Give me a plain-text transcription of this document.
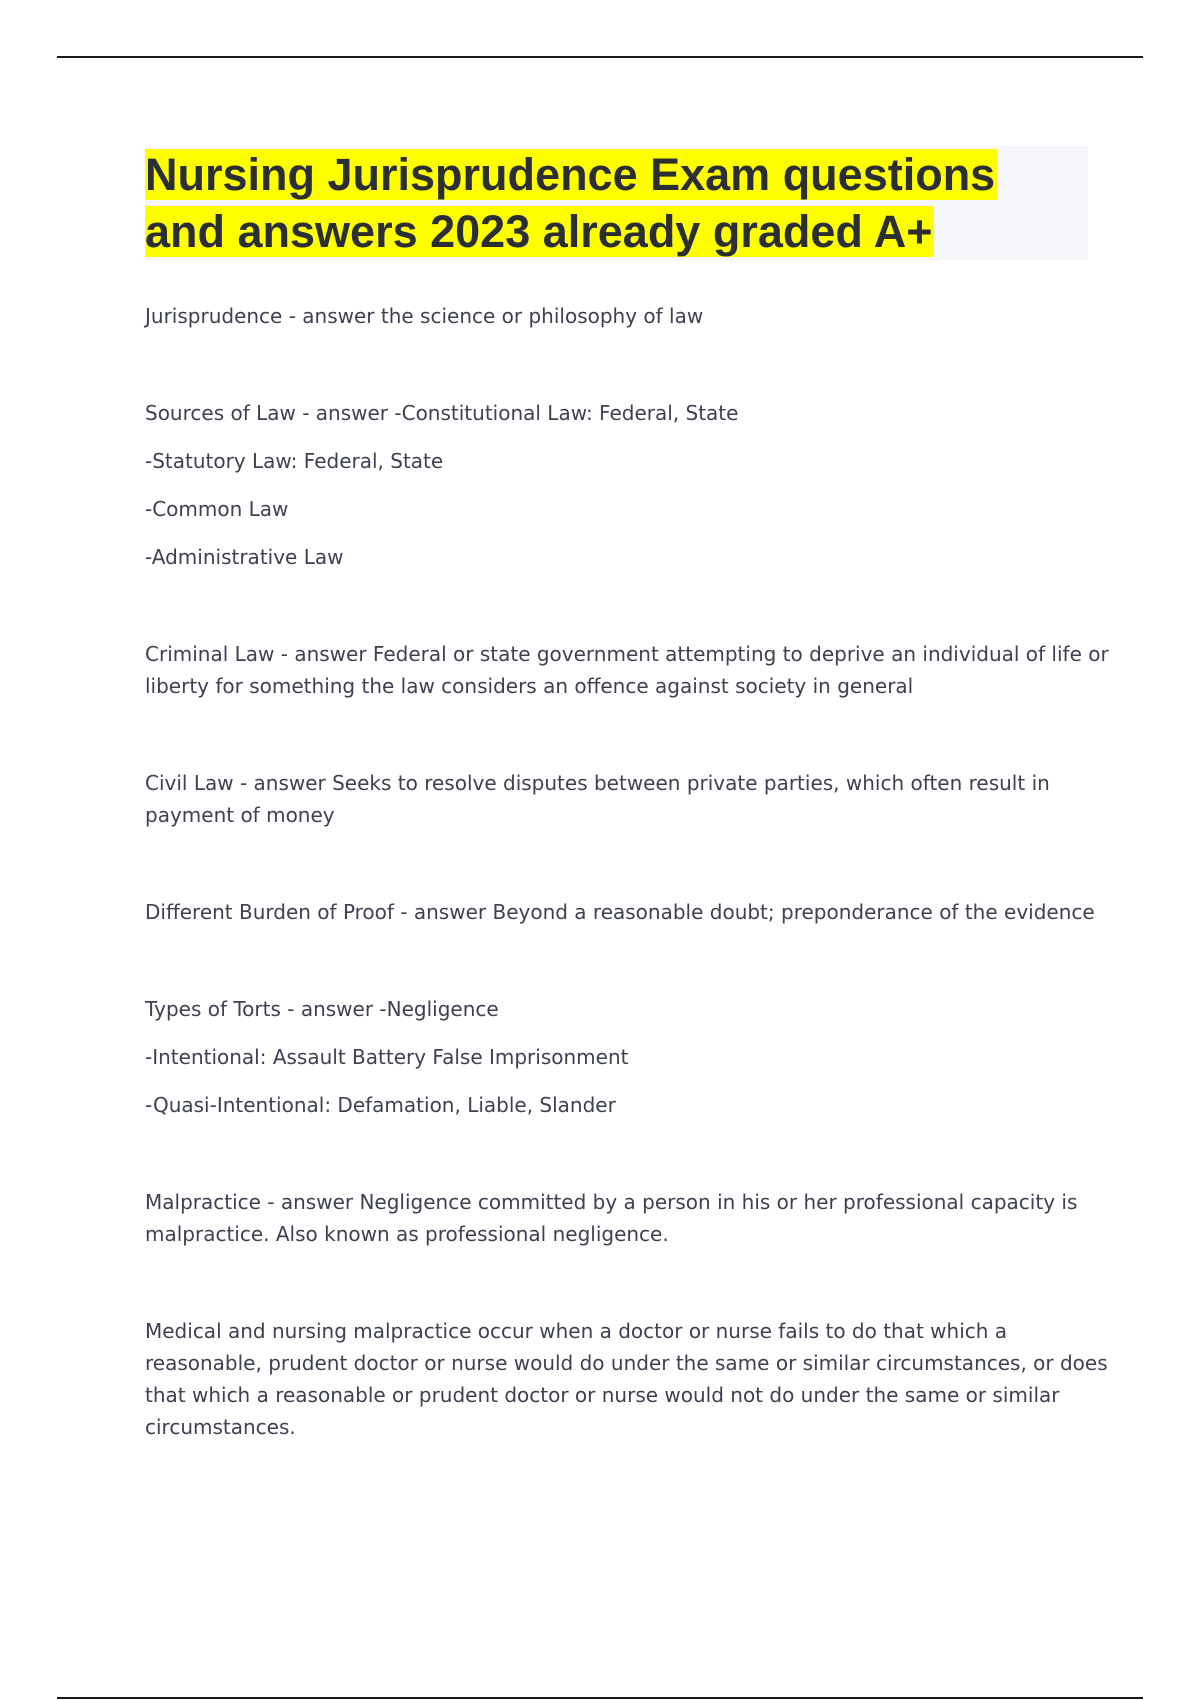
Nursing Jurisprudence Exam questions
and answers 2023 already graded A+

Jurisprudence - answer the science or philosophy of law

Sources of Law - answer -Constitutional Law: Federal, State

-Statutory Law: Federal, State

-Common Law

-Administrative Law

Criminal Law - answer Federal or state government attempting to deprive an individual of life or

liberty for something the law considers an offence against society in general

Civil Law - answer Seeks to resolve disputes between private parties, which often result in

payment of money

Different Burden of Proof - answer Beyond a reasonable doubt; preponderance of the evidence

Types of Torts - answer -Negligence

-Intentional: Assault Battery False Imprisonment

-Quasi-Intentional: Defamation, Liable, Slander

Malpractice - answer Negligence committed by a person in his or her professional capacity is

malpractice. Also known as professional negligence.

Medical and nursing malpractice occur when a doctor or nurse fails to do that which a

reasonable, prudent doctor or nurse would do under the same or similar circumstances, or does

that which a reasonable or prudent doctor or nurse would not do under the same or similar

circumstances.
